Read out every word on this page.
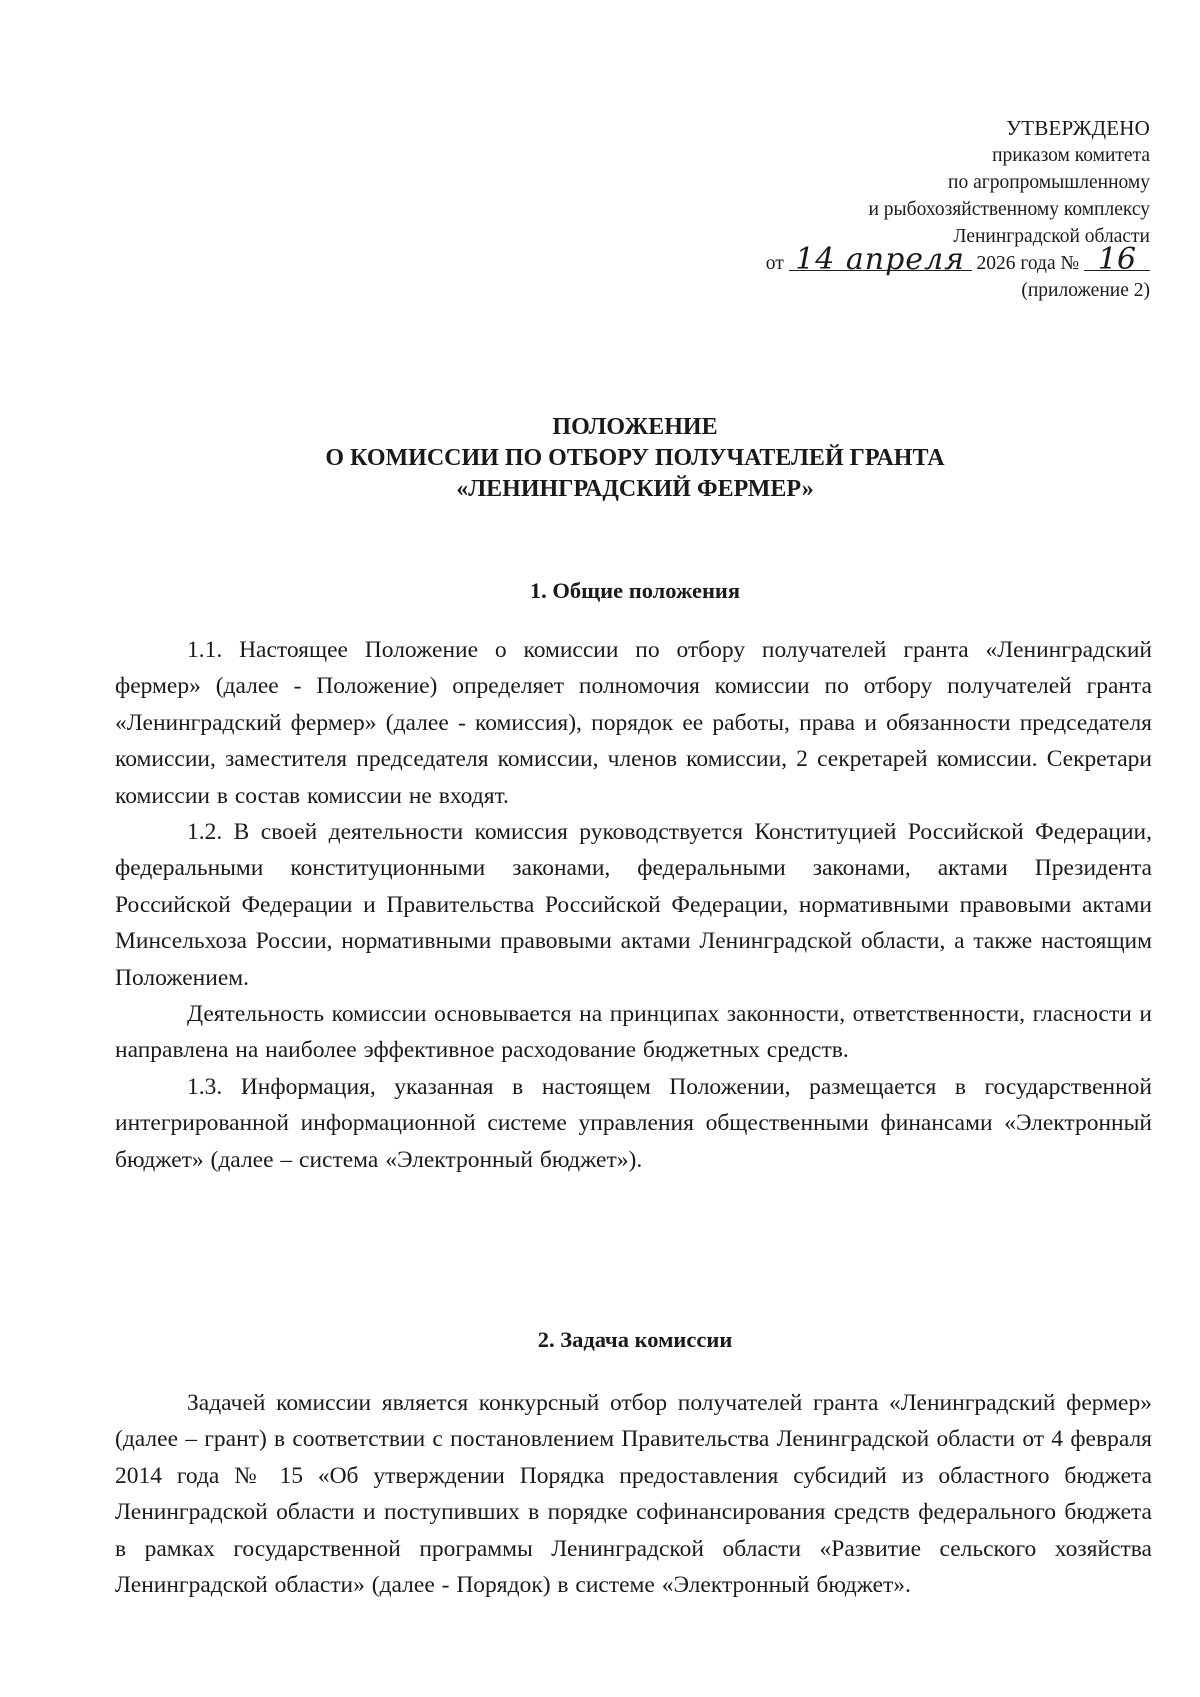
УТВЕРЖДЕНО
приказом комитета
по агропромышленному
и рыбохозяйственному комплексу
Ленинградской области
от 14 апреля 2026 года № 16
(приложение 2)
ПОЛОЖЕНИЕ
О КОМИССИИ ПО ОТБОРУ ПОЛУЧАТЕЛЕЙ ГРАНТА
«ЛЕНИНГРАДСКИЙ ФЕРМЕР»
1. Общие положения

1.1. Настоящее Положение о комиссии по отбору получателей гранта «Ленинградский фермер» (далее - Положение) определяет полномочия комиссии по отбору получателей гранта «Ленинградский фермер» (далее - комиссия), порядок ее работы, права и обязанности председателя комиссии, заместителя председателя комиссии, членов комиссии, 2 секретарей комиссии. Секретари комиссии в состав комиссии не входят.

1.2. В своей деятельности комиссия руководствуется Конституцией Российской Федерации, федеральными конституционными законами, федеральными законами, актами Президента Российской Федерации и Правительства Российской Федерации, нормативными правовыми актами Минсельхоза России, нормативными правовыми актами Ленинградской области, а также настоящим Положением.

Деятельность комиссии основывается на принципах законности, ответственности, гласности и направлена на наиболее эффективное расходование бюджетных средств.

1.3. Информация, указанная в настоящем Положении, размещается в государственной интегрированной информационной системе управления общественными финансами «Электронный бюджет» (далее – система «Электронный бюджет»).

2. Задача комиссии

Задачей комиссии является конкурсный отбор получателей гранта «Ленинградский фермер» (далее – грант) в соответствии с постановлением Правительства Ленинградской области от 4 февраля 2014 года № 15 «Об утверждении Порядка предоставления субсидий из областного бюджета Ленинградской области и поступивших в порядке софинансирования средств федерального бюджета в рамках государственной программы Ленинградской области «Развитие сельского хозяйства Ленинградской области» (далее - Порядок) в системе «Электронный бюджет».
